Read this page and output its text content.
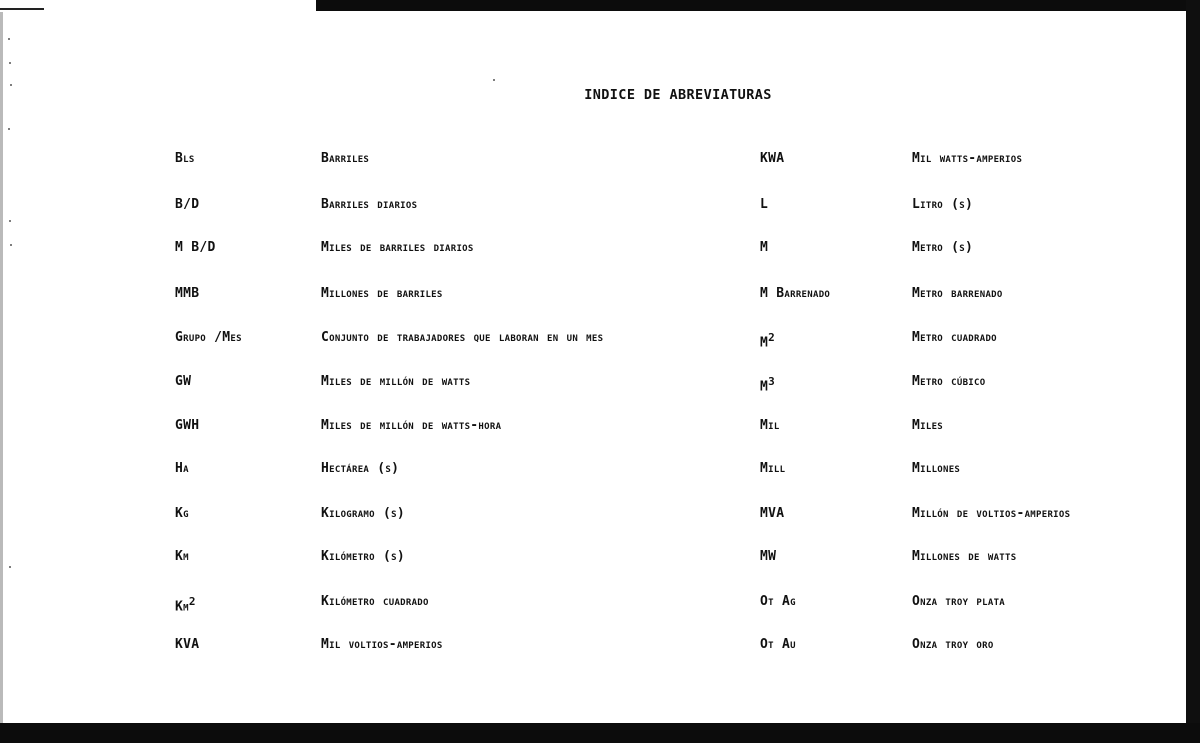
INDICE DE ABREVIATURAS
Bls	Barriles
B/D	Barriles diarios
M B/D	Miles de barriles diarios
MMB	Millones de barriles
Grupo /Mes	Conjunto de trabajadores que laboran en un mes
GW	Miles de millón de watts
GWH	Miles de millón de watts-hora
Ha	Hectárea (s)
Kg	Kilogramo (s)
Km	Kilómetro (s)
Km$^2$	Kilómetro cuadrado
KVA	Mil voltios-amperios
KWA	Mil watts-amperios
L	Litro (s)
M	Metro (s)
M Barrenado	Metro barrenado
$M^2$	Metro cuadrado
$M^3$	Metro cúbico
Mil	Miles
Mill	Millones
MVA	Millón de voltios-amperios
MW	Millones de watts
Ot Ag	Onza troy plata
Ot Au	Onza troy oro
